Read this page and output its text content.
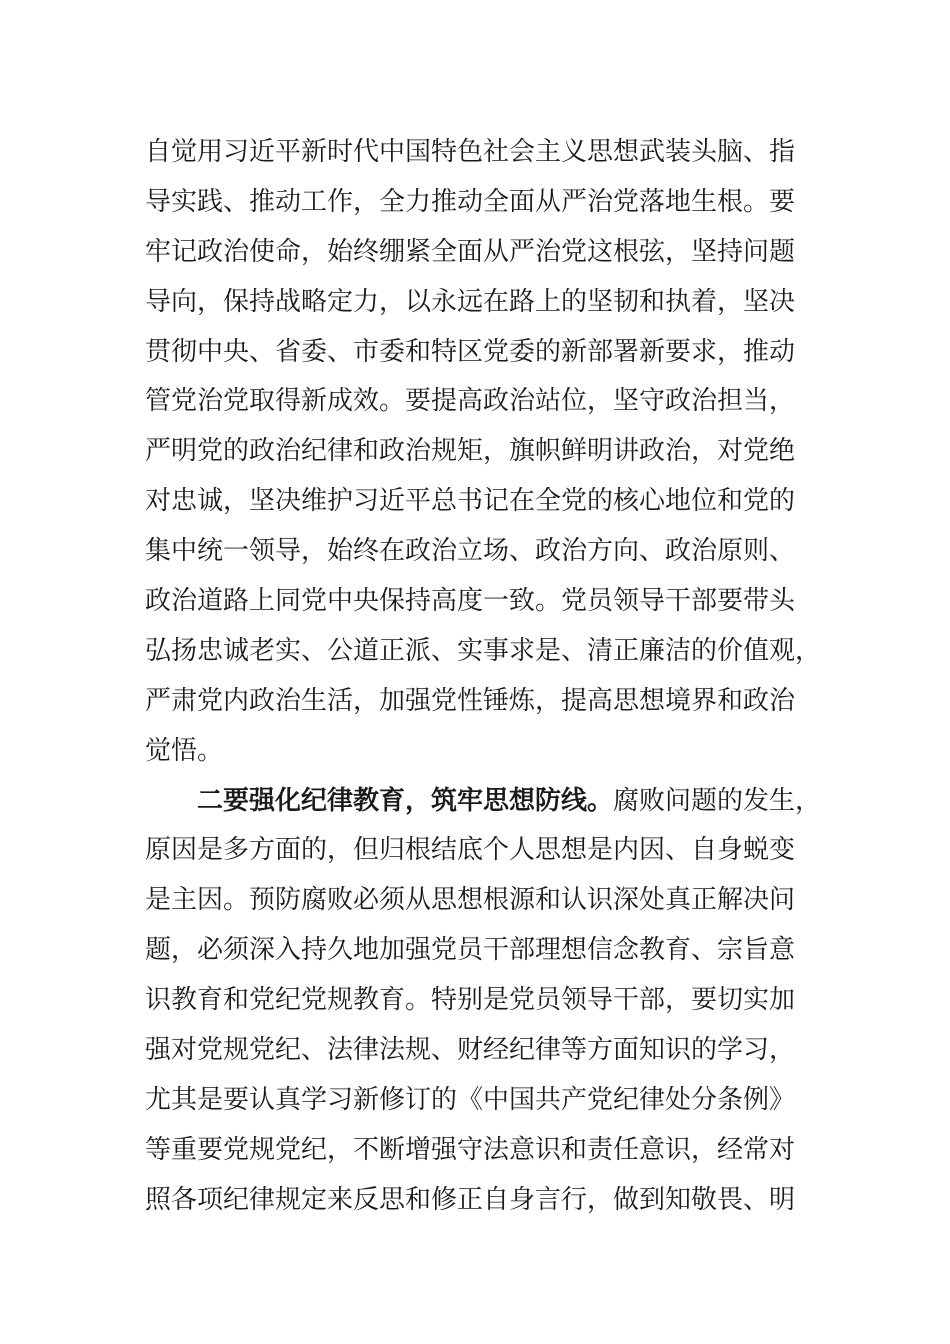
自觉用习近平新时代中国特色社会主义思想武装头脑、指
导实践、推动工作，全力推动全面从严治党落地生根。要
牢记政治使命，始终绷紧全面从严治党这根弦，坚持问题
导向，保持战略定力，以永远在路上的坚韧和执着，坚决
贯彻中央、省委、市委和特区党委的新部署新要求，推动
管党治党取得新成效。要提高政治站位，坚守政治担当，
严明党的政治纪律和政治规矩，旗帜鲜明讲政治，对党绝
对忠诚，坚决维护习近平总书记在全党的核心地位和党的
集中统一领导，始终在政治立场、政治方向、政治原则、
政治道路上同党中央保持高度一致。党员领导干部要带头
弘扬忠诚老实、公道正派、实事求是、清正廉洁的价值观，
严肃党内政治生活，加强党性锤炼，提高思想境界和政治
觉悟。
二要强化纪律教育，筑牢思想防线。腐败问题的发生，
原因是多方面的，但归根结底个人思想是内因、自身蜕变
是主因。预防腐败必须从思想根源和认识深处真正解决问
题，必须深入持久地加强党员干部理想信念教育、宗旨意
识教育和党纪党规教育。特别是党员领导干部，要切实加
强对党规党纪、法律法规、财经纪律等方面知识的学习，
尤其是要认真学习新修订的《中国共产党纪律处分条例》
等重要党规党纪，不断增强守法意识和责任意识，经常对
照各项纪律规定来反思和修正自身言行，做到知敬畏、明
